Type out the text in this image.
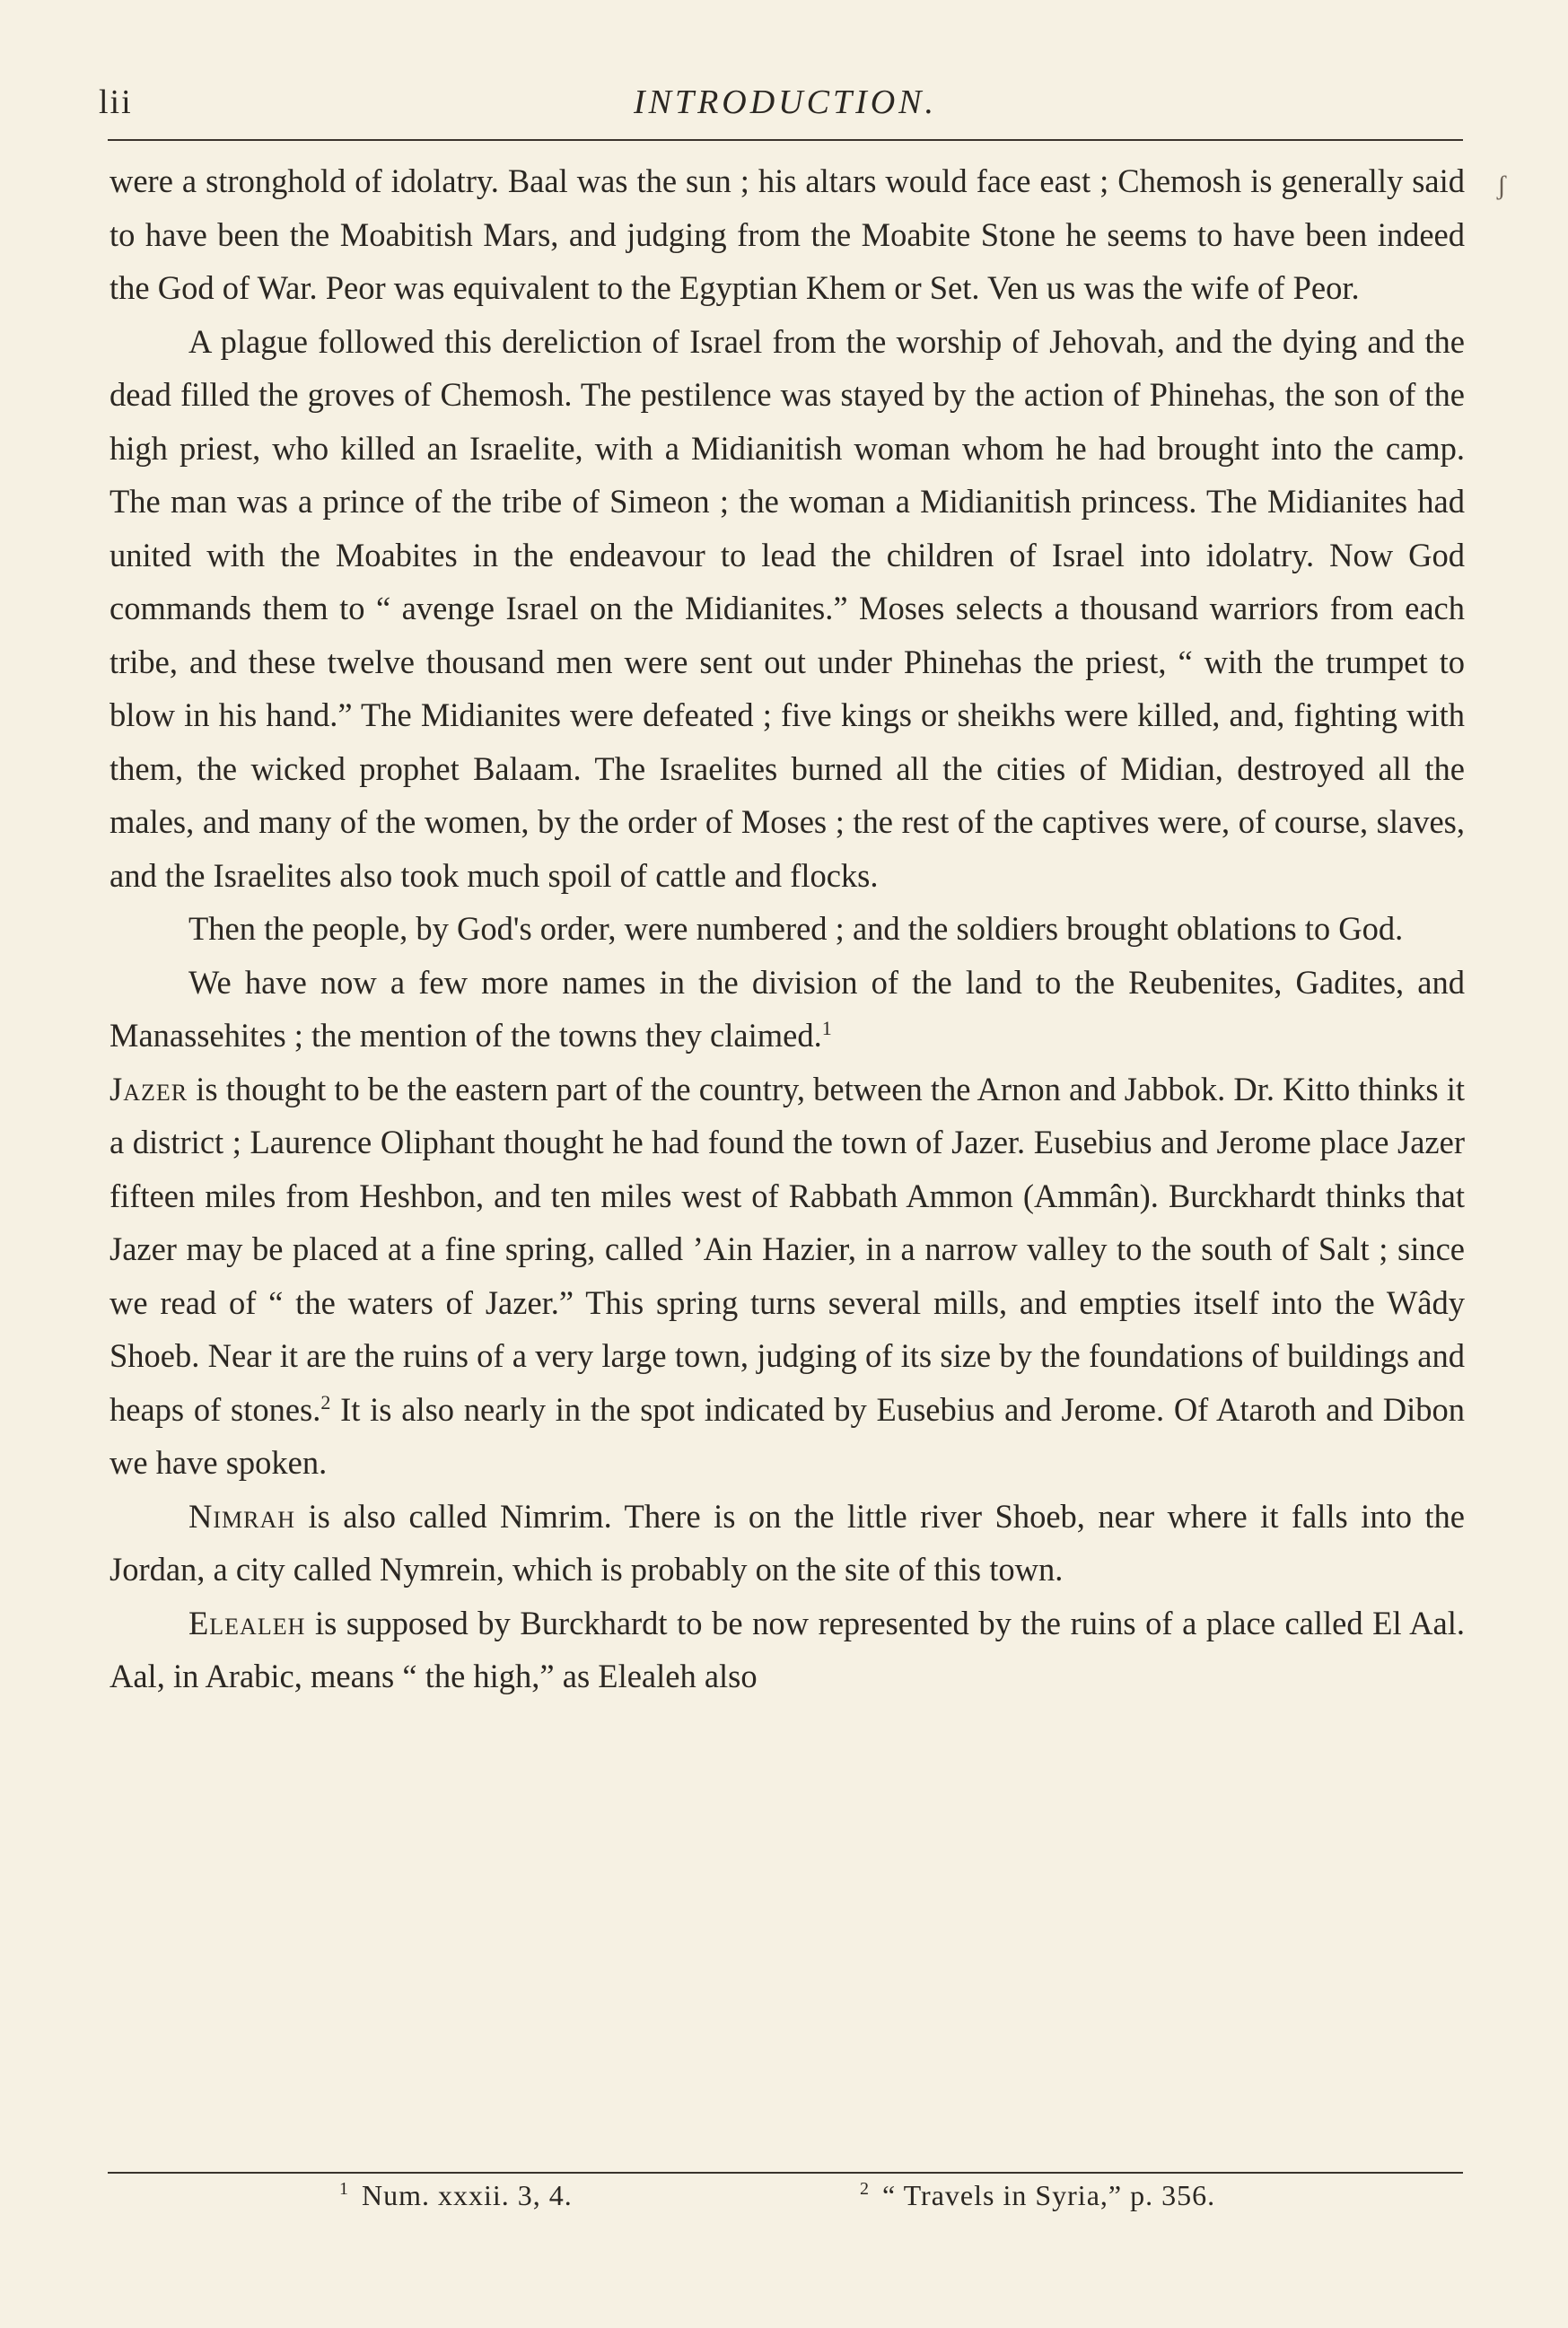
lii	INTRODUCTION.
ʃ

were a stronghold of idolatry. Baal was the sun ; his altars would face east ; Chemosh is generally said to have been the Moabitish Mars, and judging from the Moabite Stone he seems to have been indeed the God of War. Peor was equivalent to the Egyptian Khem or Set. Ven us was the wife of Peor.

A plague followed this dereliction of Israel from the worship of Jehovah, and the dying and the dead filled the groves of Chemosh. The pestilence was stayed by the action of Phinehas, the son of the high priest, who killed an Israelite, with a Midianitish woman whom he had brought into the camp. The man was a prince of the tribe of Simeon ; the woman a Midianitish princess. The Midianites had united with the Moabites in the endeavour to lead the children of Israel into idolatry. Now God commands them to “ avenge Israel on the Midianites.” Moses selects a thousand warriors from each tribe, and these twelve thousand men were sent out under Phinehas the priest, “ with the trumpet to blow in his hand.” The Midianites were defeated ; five kings or sheikhs were killed, and, fighting with them, the wicked prophet Balaam. The Israelites burned all the cities of Midian, destroyed all the males, and many of the women, by the order of Moses ; the rest of the captives were, of course, slaves, and the Israelites also took much spoil of cattle and flocks.

Then the people, by God's order, were numbered ; and the soldiers brought oblations to God.

We have now a few more names in the division of the land to the Reubenites, Gadites, and Manassehites ; the mention of the towns they claimed.$^1$

Jazer is thought to be the eastern part of the country, between the Arnon and Jabbok. Dr. Kitto thinks it a district ; Laurence Oliphant thought he had found the town of Jazer. Eusebius and Jerome place Jazer fifteen miles from Heshbon, and ten miles west of Rabbath Ammon (Ammân). Burckhardt thinks that Jazer may be placed at a fine spring, called ’Ain Hazier, in a narrow valley to the south of Salt ; since we read of “ the waters of Jazer.” This spring turns several mills, and empties itself into the Wâdy Shoeb. Near it are the ruins of a very large town, judging of its size by the foundations of buildings and heaps of stones.$^2$ It is also nearly in the spot indicated by Eusebius and Jerome. Of Ataroth and Dibon we have spoken.

Nimrah is also called Nimrim. There is on the little river Shoeb, near where it falls into the Jordan, a city called Nymrein, which is probably on the site of this town.

Elealeh is supposed by Burckhardt to be now represented by the ruins of a place called El Aal. Aal, in Arabic, means “ the high,” as Elealeh also

$^1$ Num. xxxii. 3, 4.	$^2$ “ Travels in Syria,” p. 356.
